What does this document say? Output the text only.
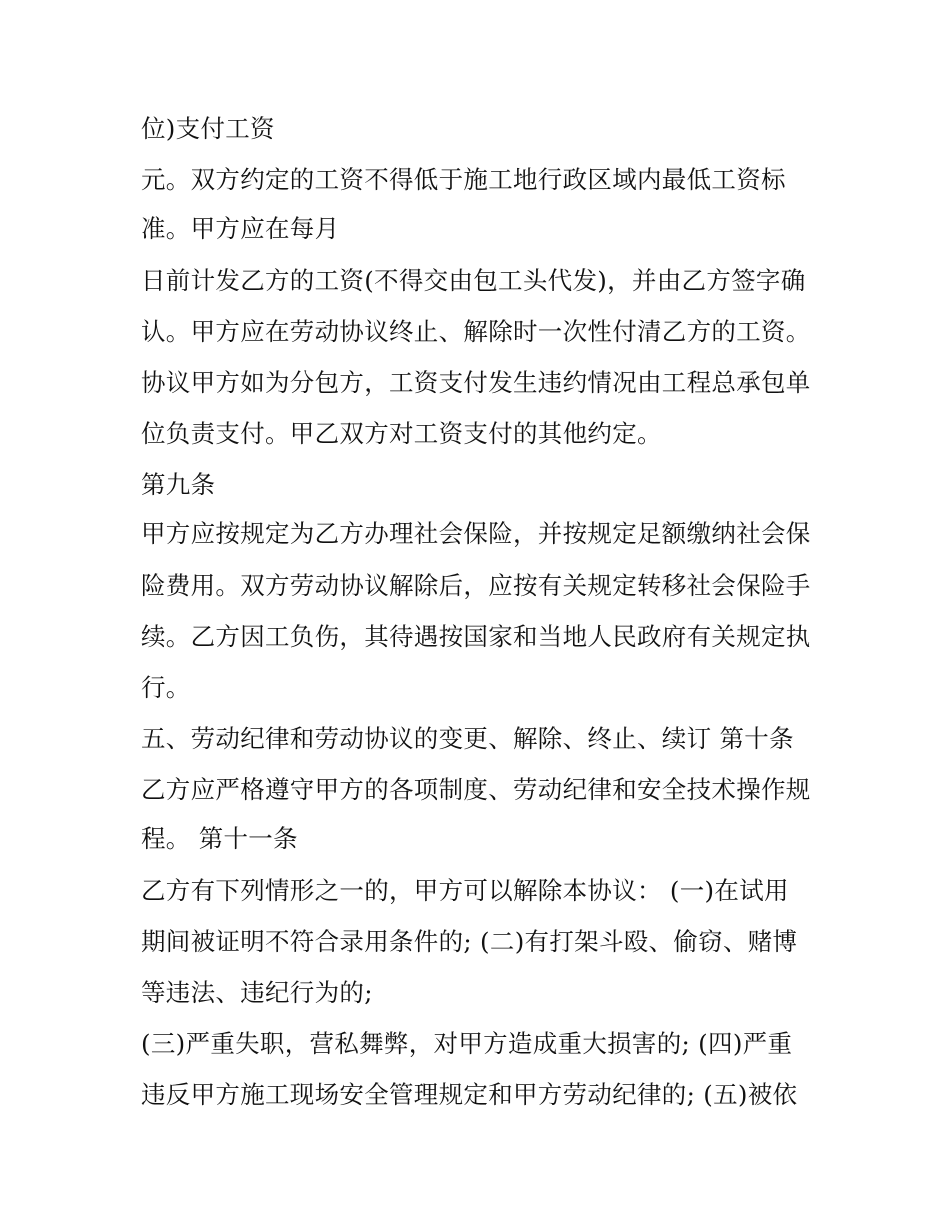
位)支付工资
元。双方约定的工资不得低于施工地行政区域内最低工资标
准。甲方应在每月
日前计发乙方的工资(不得交由包工头代发)，并由乙方签字确
认。甲方应在劳动协议终止、解除时一次性付清乙方的工资。
协议甲方如为分包方，工资支付发生违约情况由工程总承包单
位负责支付。甲乙双方对工资支付的其他约定。
第九条
甲方应按规定为乙方办理社会保险，并按规定足额缴纳社会保
险费用。双方劳动协议解除后，应按有关规定转移社会保险手
续。乙方因工负伤，其待遇按国家和当地人民政府有关规定执
行。
五、劳动纪律和劳动协议的变更、解除、终止、续订 第十条
乙方应严格遵守甲方的各项制度、劳动纪律和安全技术操作规
程。 第十一条
乙方有下列情形之一的，甲方可以解除本协议： (一)在试用
期间被证明不符合录用条件的; (二)有打架斗殴、偷窃、赌博
等违法、违纪行为的;
(三)严重失职，营私舞弊，对甲方造成重大损害的; (四)严重
违反甲方施工现场安全管理规定和甲方劳动纪律的; (五)被依
